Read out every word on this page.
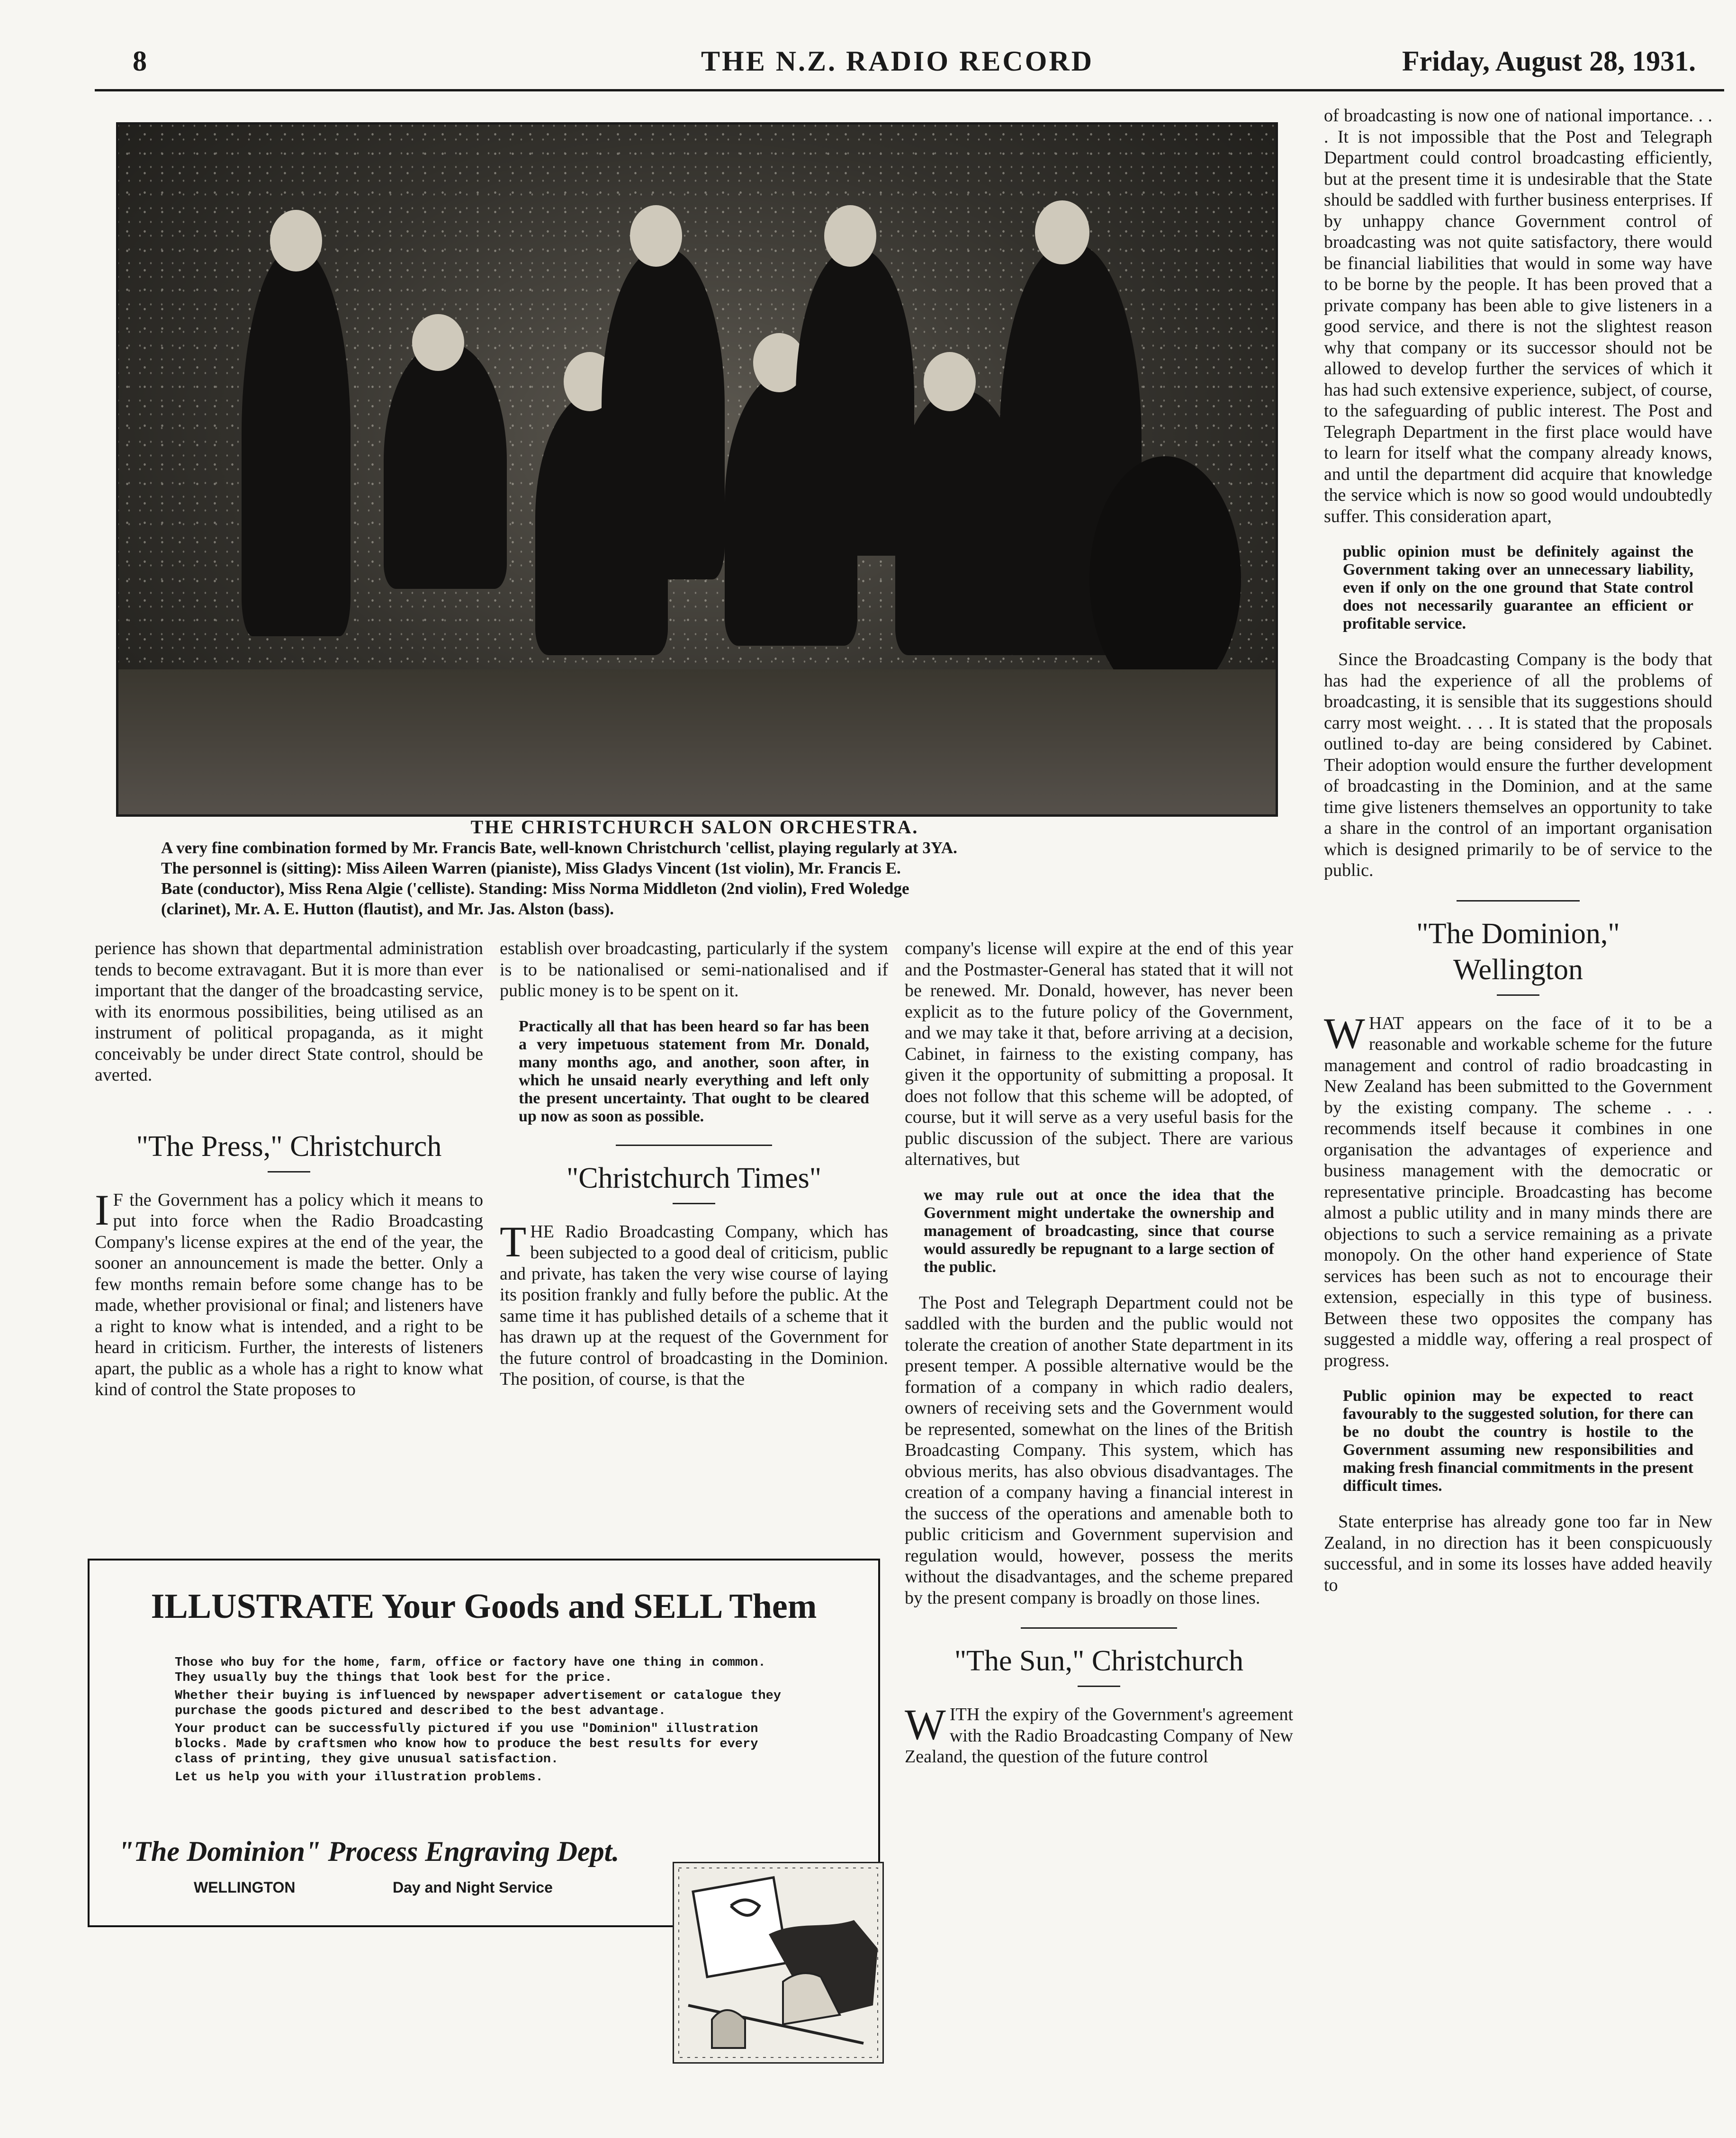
8	THE N.Z. RADIO RECORD	Friday, August 28, 1931.
THE CHRISTCHURCH SALON ORCHESTRA.
A very fine combination formed by Mr. Francis Bate, well-known Christchurch 'cellist, playing regularly at 3YA.
The personnel is (sitting): Miss Aileen Warren (pianiste), Miss Gladys Vincent (1st violin), Mr. Francis E.
Bate (conductor), Miss Rena Algie ('celliste). Standing: Miss Norma Middleton (2nd violin), Fred Woledge
(clarinet), Mr. A. E. Hutton (flautist), and Mr. Jas. Alston (bass).

perience has shown that departmental administration tends to become extravagant. But it is more than ever important that the danger of the broadcasting service, with its enormous possibilities, being utilised as an instrument of political propaganda, as it might conceivably be under direct State control, should be averted.

"The Press," Christchurch

I F the Government has a policy which it means to put into force when the Radio Broadcasting Company's license expires at the end of the year, the sooner an announcement is made the better. Only a few months remain before some change has to be made, whether provisional or final; and listeners have a right to know what is intended, and a right to be heard in criticism. Further, the interests of listeners apart, the public as a whole has a right to know what kind of control the State proposes to

establish over broadcasting, particularly if the system is to be nationalised or semi-nationalised and if public money is to be spent on it.

Practically all that has been heard so far has been a very impetuous statement from Mr. Donald, many months ago, and another, soon after, in which he unsaid nearly everything and left only the present uncertainty. That ought to be cleared up now as soon as possible.
"Christchurch Times"

THE Radio Broadcasting Company, which has been subjected to a good deal of criticism, public and private, has taken the very wise course of laying its position frankly and fully before the public. At the same time it has published details of a scheme that it has drawn up at the request of the Government for the future control of broadcasting in the Dominion. The position, of course, is that the

company's license will expire at the end of this year and the Postmaster-General has stated that it will not be renewed. Mr. Donald, however, has never been explicit as to the future policy of the Government, and we may take it that, before arriving at a decision, Cabinet, in fairness to the existing company, has given it the opportunity of submitting a proposal. It does not follow that this scheme will be adopted, of course, but it will serve as a very useful basis for the public discussion of the subject. There are various alternatives, but

we may rule out at once the idea that the Government might undertake the ownership and management of broadcasting, since that course would assuredly be repugnant to a large section of the public.

The Post and Telegraph Department could not be saddled with the burden and the public would not tolerate the creation of another State department in its present temper. A possible alternative would be the formation of a company in which radio dealers, owners of receiving sets and the Government would be represented, somewhat on the lines of the British Broadcasting Company. This system, which has obvious merits, has also obvious disadvantages. The creation of a company having a financial interest in the success of the operations and amenable both to public criticism and Government supervision and regulation would, however, possess the merits without the disadvantages, and the scheme prepared by the present company is broadly on those lines.

"The Sun," Christchurch

WITH the expiry of the Government's agreement with the Radio Broadcasting Company of New Zealand, the question of the future control

of broadcasting is now one of national importance. . . . It is not impossible that the Post and Telegraph Department could control broadcasting efficiently, but at the present time it is undesirable that the State should be saddled with further business enterprises. If by unhappy chance Government control of broadcasting was not quite satisfactory, there would be financial liabilities that would in some way have to be borne by the people. It has been proved that a private company has been able to give listeners in a good service, and there is not the slightest reason why that company or its successor should not be allowed to develop further the services of which it has had such extensive experience, subject, of course, to the safeguarding of public interest. The Post and Telegraph Department in the first place would have to learn for itself what the company already knows, and until the department did acquire that knowledge the service which is now so good would undoubtedly suffer. This consideration apart,

public opinion must be definitely against the Government taking over an unnecessary liability, even if only on the one ground that State control does not necessarily guarantee an efficient or profitable service.

Since the Broadcasting Company is the body that has had the experience of all the problems of broadcasting, it is sensible that its suggestions should carry most weight. . . . It is stated that the proposals outlined to-day are being considered by Cabinet. Their adoption would ensure the further development of broadcasting in the Dominion, and at the same time give listeners themselves an opportunity to take a share in the control of an important organisation which is designed primarily to be of service to the public.

"The Dominion,"
Wellington

WHAT appears on the face of it to be a reasonable and workable scheme for the future management and control of radio broadcasting in New Zealand has been submitted to the Government by the existing company. The scheme . . . recommends itself because it combines in one organisation the advantages of experience and business management with the democratic or representative principle. Broadcasting has become almost a public utility and in many minds there are objections to such a service remaining as a private monopoly. On the other hand experience of State services has been such as not to encourage their extension, especially in this type of business. Between these two opposites the company has suggested a middle way, offering a real prospect of progress.

Public opinion may be expected to react favourably to the suggested solution, for there can be no doubt the country is hostile to the Government assuming new responsibilities and making fresh financial commitments in the present difficult times.

State enterprise has already gone too far in New Zealand, in no direction has it been conspicuously successful, and in some its losses have added heavily to

ILLUSTRATE Your Goods and SELL Them

Those who buy for the home, farm, office or factory have one thing in common. They usually buy the things that look best for the price.

Whether their buying is influenced by newspaper advertisement or catalogue they purchase the goods pictured and described to the best advantage.

Your product can be successfully pictured if you use "Dominion" illustration blocks. Made by craftsmen who know how to produce the best results for every class of printing, they give unusual satisfaction.

Let us help you with your illustration problems.

"The Dominion" Process Engraving Dept.
WELLINGTON	Day and Night Service
